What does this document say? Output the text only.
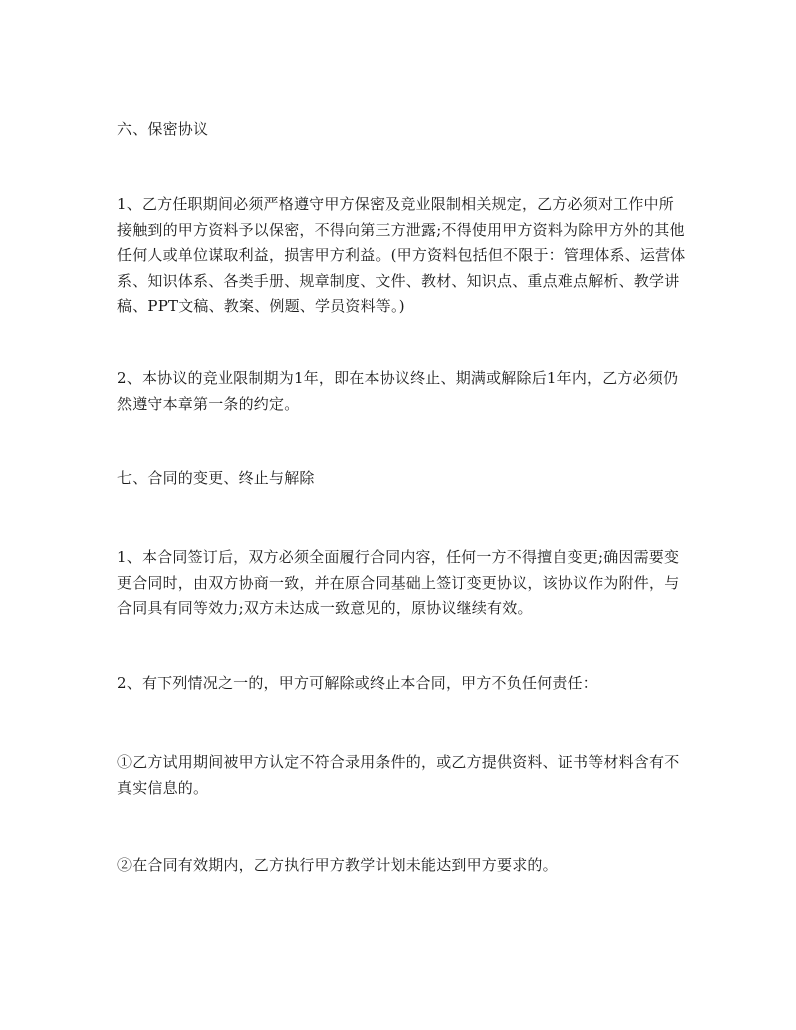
六、保密协议
1、乙方任职期间必须严格遵守甲方保密及竞业限制相关规定，乙方必须对工作中所接触到的甲方资料予以保密，不得向第三方泄露;不得使用甲方资料为除甲方外的其他任何人或单位谋取利益，损害甲方利益。(甲方资料包括但不限于：管理体系、运营体系、知识体系、各类手册、规章制度、文件、教材、知识点、重点难点解析、教学讲稿、PPT文稿、教案、例题、学员资料等。)
2、本协议的竞业限制期为1年，即在本协议终止、期满或解除后1年内，乙方必须仍然遵守本章第一条的约定。
七、合同的变更、终止与解除
1、本合同签订后，双方必须全面履行合同内容，任何一方不得擅自变更;确因需要变更合同时，由双方协商一致，并在原合同基础上签订变更协议，该协议作为附件，与合同具有同等效力;双方未达成一致意见的，原协议继续有效。
2、有下列情况之一的，甲方可解除或终止本合同，甲方不负任何责任：
①乙方试用期间被甲方认定不符合录用条件的，或乙方提供资料、证书等材料含有不真实信息的。
②在合同有效期内，乙方执行甲方教学计划未能达到甲方要求的。
